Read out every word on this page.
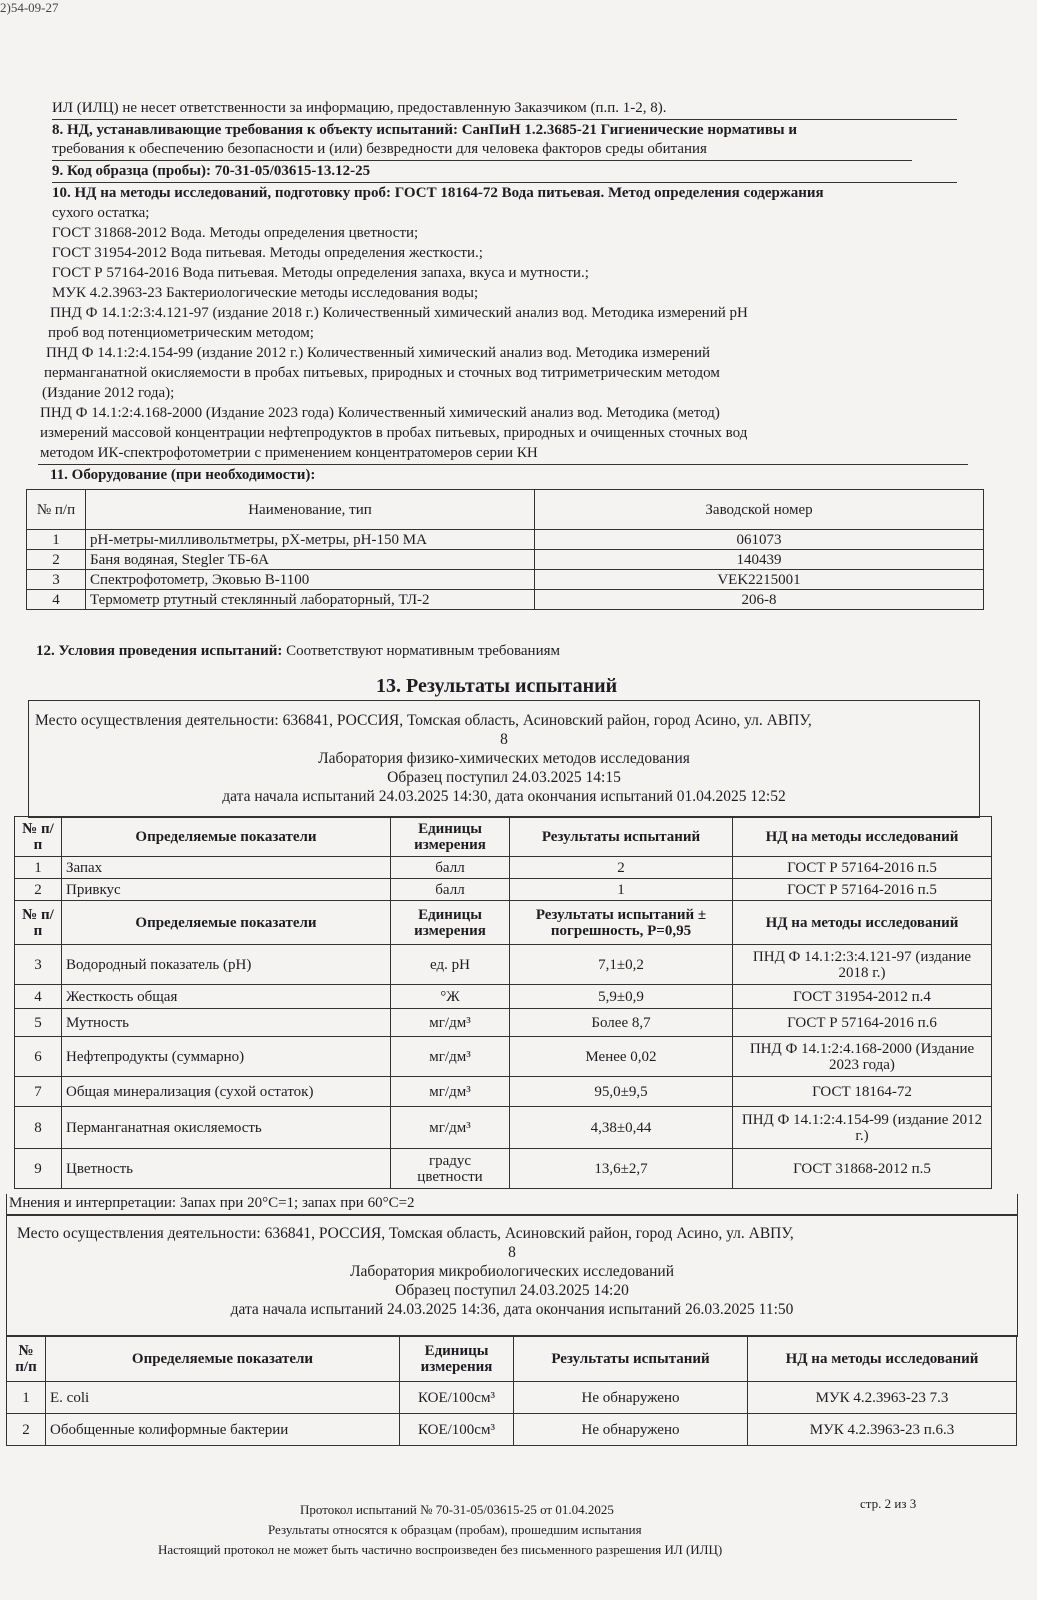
2)54-09-27
ИЛ (ИЛЦ) не несет ответственности за информацию, предоставленную Заказчиком (п.п. 1-2, 8).
8. НД, устанавливающие требования к объекту испытаний: СанПиН 1.2.3685-21 Гигиенические нормативы и
требования к обеспечению безопасности и (или) безвредности для человека факторов среды обитания
9. Код образца (пробы): 70-31-05/03615-13.12-25
10. НД на методы исследований, подготовку проб: ГОСТ 18164-72 Вода питьевая. Метод определения содержания
сухого остатка;
ГОСТ 31868-2012 Вода. Методы определения цветности;
ГОСТ 31954-2012 Вода питьевая. Методы определения жесткости.;
ГОСТ Р 57164-2016 Вода питьевая. Методы определения запаха, вкуса и мутности.;
МУК 4.2.3963-23 Бактериологические методы исследования воды;
ПНД Ф 14.1:2:3:4.121-97 (издание 2018 г.) Количественный химический анализ вод. Методика измерений pH
проб вод потенциометрическим методом;
ПНД Ф 14.1:2:4.154-99 (издание 2012 г.) Количественный химический анализ вод. Методика измерений
перманганатной окисляемости в пробах питьевых, природных и сточных вод титриметрическим методом
(Издание 2012 года);
ПНД Ф 14.1:2:4.168-2000 (Издание 2023 года) Количественный химический анализ вод. Методика (метод)
измерений массовой концентрации нефтепродуктов в пробах питьевых, природных и очищенных сточных вод
методом ИК-спектрофотометрии с применением концентратомеров серии КН
11. Оборудование (при необходимости):
№ п/п	Наименование, тип	Заводской номер
1	pH-метры-милливольтметры, pX-метры, pH-150 МА	061073
2	Баня водяная, Stegler ТБ-6А	140439
3	Спектрофотометр, Эковью В-1100	VEK2215001
4	Термометр ртутный стеклянный лабораторный, ТЛ-2	206-8
12. Условия проведения испытаний: Соответствуют нормативным требованиям
13. Результаты испытаний
Место осуществления деятельности: 636841, РОССИЯ, Томская область, Асиновский район, город Асино, ул. АВПУ,
8
Лаборатория физико-химических методов исследования
Образец поступил 24.03.2025 14:15
дата начала испытаний 24.03.2025 14:30, дата окончания испытаний 01.04.2025 12:52
№ п/п	Определяемые показатели	Единицы измерения	Результаты испытаний	НД на методы исследований
1	Запах	балл	2	ГОСТ Р 57164-2016 п.5
2	Привкус	балл	1	ГОСТ Р 57164-2016 п.5
№ п/п	Определяемые показатели	Единицы измерения	Результаты испытаний ± погрешность, P=0,95	НД на методы исследований
3	Водородный показатель (pH)	ед. pH	7,1±0,2	ПНД Ф 14.1:2:3:4.121-97 (издание 2018 г.)
4	Жесткость общая	°Ж	5,9±0,9	ГОСТ 31954-2012 п.4
5	Мутность	мг/дм³	Более 8,7	ГОСТ Р 57164-2016 п.6
6	Нефтепродукты (суммарно)	мг/дм³	Менее 0,02	ПНД Ф 14.1:2:4.168-2000 (Издание 2023 года)
7	Общая минерализация (сухой остаток)	мг/дм³	95,0±9,5	ГОСТ 18164-72
8	Перманганатная окисляемость	мг/дм³	4,38±0,44	ПНД Ф 14.1:2:4.154-99 (издание 2012 г.)
9	Цветность	градус цветности	13,6±2,7	ГОСТ 31868-2012 п.5
Мнения и интерпретации: Запах при 20°С=1; запах при 60°С=2
Место осуществления деятельности: 636841, РОССИЯ, Томская область, Асиновский район, город Асино, ул. АВПУ,
8
Лаборатория микробиологических исследований
Образец поступил 24.03.2025 14:20
дата начала испытаний 24.03.2025 14:36, дата окончания испытаний 26.03.2025 11:50
№ п/п	Определяемые показатели	Единицы измерения	Результаты испытаний	НД на методы исследований
1	E. coli	КОЕ/100см³	Не обнаружено	МУК 4.2.3963-23 7.3
2	Обобщенные колиформные бактерии	КОЕ/100см³	Не обнаружено	МУК 4.2.3963-23 п.6.3
Протокол испытаний № 70-31-05/03615-25 от 01.04.2025	стр. 2 из 3
Результаты относятся к образцам (пробам), прошедшим испытания
Настоящий протокол не может быть частично воспроизведен без письменного разрешения ИЛ (ИЛЦ)
